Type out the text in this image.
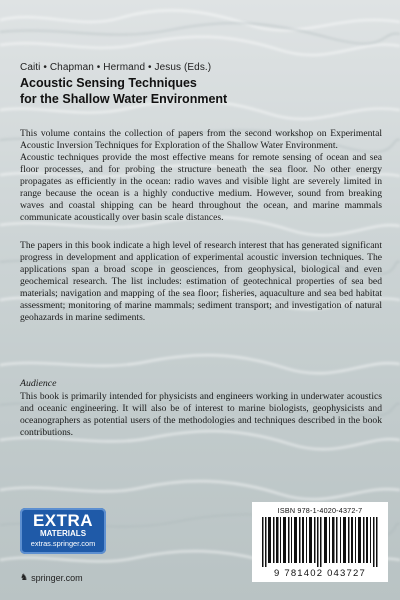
Caiti • Chapman • Hermand • Jesus (Eds.)
Acoustic Sensing Techniques
for the Shallow Water Environment

This volume contains the collection of papers from the second workshop on Experimental Acoustic Inversion Techniques for Exploration of the Shallow Water Environment.
Acoustic techniques provide the most effective means for remote sensing of ocean and sea floor processes, and for probing the structure beneath the sea floor. No other energy propagates as efficiently in the ocean: radio waves and visible light are severely limited in range because the ocean is a highly conductive medium. However, sound from breaking waves and coastal shipping can be heard throughout the ocean, and marine mammals communicate acoustically over basin scale distances.

The papers in this book indicate a high level of research interest that has generated significant progress in development and application of experimental acoustic inversion techniques. The applications span a broad scope in geosciences, from geophysical, biological and even geochemical research. The list includes: estimation of geotechnical properties of sea bed materials; navigation and mapping of the sea floor; fisheries, aquaculture and sea bed habitat assessment; monitoring of marine mammals; sediment transport; and investigation of natural geohazards in marine sediments.

Audience

This book is primarily intended for physicists and engineers working in underwater acoustics and oceanic engineering. It will also be of interest to marine biologists, geophysicists and oceanographers as potential users of the methodologies and techniques described in the book contributions.

EXTRA
MATERIALS
extras.springer.com
♞ springer.com
ISBN 978-1-4020-4372-7
9 781402 043727
